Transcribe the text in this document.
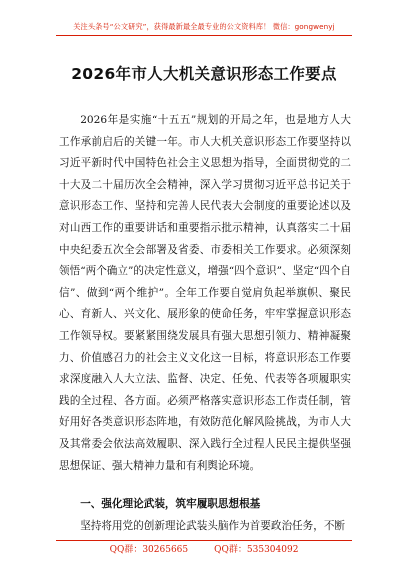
关注头条号“公文研究”，获得最新最全最专业的公文资料库！ 微信：gongwenyj
2026年市人大机关意识形态工作要点

2026年是实施“十五五”规划的开局之年，也是地方人大工作承前启后的关键一年。市人大机关意识形态工作要坚持以习近平新时代中国特色社会主义思想为指导，全面贯彻党的二十大及二十届历次全会精神，深入学习贯彻习近平总书记关于意识形态工作、坚持和完善人民代表大会制度的重要论述以及对山西工作的重要讲话和重要指示批示精神，认真落实二十届中央纪委五次全会部署及省委、市委相关工作要求。必须深刻领悟“两个确立”的决定性意义，增强“四个意识”、坚定“四个自信”、做到“两个维护”。全年工作要自觉肩负起举旗帜、聚民心、育新人、兴文化、展形象的使命任务，牢牢掌握意识形态工作领导权。要紧紧围绕发展具有强大思想引领力、精神凝聚力、价值感召力的社会主义文化这一目标，将意识形态工作要求深度融入人大立法、监督、决定、任免、代表等各项履职实践的全过程、各方面。必须严格落实意识形态工作责任制，管好用好各类意识形态阵地，有效防范化解风险挑战，为市人大及其常委会依法高效履职、深入践行全过程人民民主提供坚强思想保证、强大精神力量和有利舆论环境。

一、强化理论武装，筑牢履职思想根基

坚持将用党的创新理论武装头脑作为首要政治任务，不断

QQ群：30265665	QQ群：535304092
